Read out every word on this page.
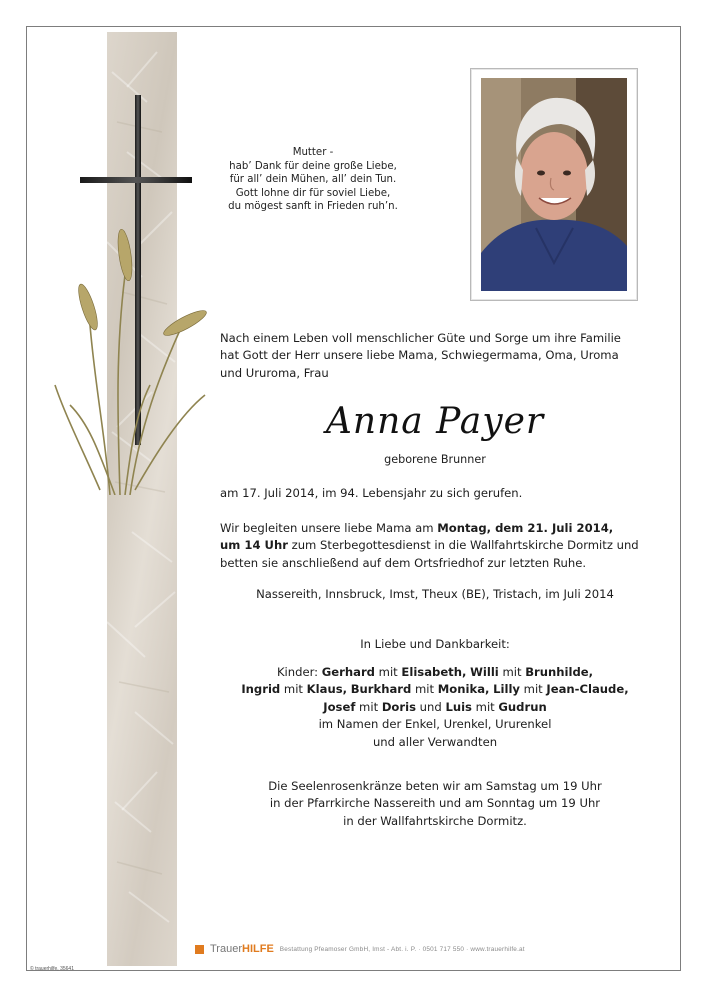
Mutter -
hab’ Dank für deine große Liebe,
für all’ dein Mühen, all’ dein Tun.
Gott lohne dir für soviel Liebe,
du mögest sanft in Frieden ruh’n.
Nach einem Leben voll menschlicher Güte und Sorge um ihre Familie
hat Gott der Herr unsere liebe Mama, Schwiegermama, Oma, Uroma
und Ururoma, Frau
Anna Payer
geborene Brunner
am 17. Juli 2014, im 94. Lebensjahr zu sich gerufen.
Wir begleiten unsere liebe Mama am Montag, dem 21. Juli 2014,
um 14 Uhr zum Sterbegottesdienst in die Wallfahrtskirche Dormitz und
betten sie anschließend auf dem Ortsfriedhof zur letzten Ruhe.
Nassereith, Innsbruck, Imst, Theux (BE), Tristach, im Juli 2014
In Liebe und Dankbarkeit:
Kinder: Gerhard mit Elisabeth, Willi mit Brunhilde,
Ingrid mit Klaus, Burkhard mit Monika, Lilly mit Jean-Claude,
Josef mit Doris und Luis mit Gudrun
im Namen der Enkel, Urenkel, Ururenkel
und aller Verwandten
Die Seelenrosenkränze beten wir am Samstag um 19 Uhr
in der Pfarrkirche Nassereith und am Sonntag um 19 Uhr
in der Wallfahrtskirche Dormitz.
TrauerHILFE Bestattung Pfeamoser GmbH, Imst - Abt. i. P. · 0501 717 550 · www.trauerhilfe.at
© trauerhilfe, 35641
